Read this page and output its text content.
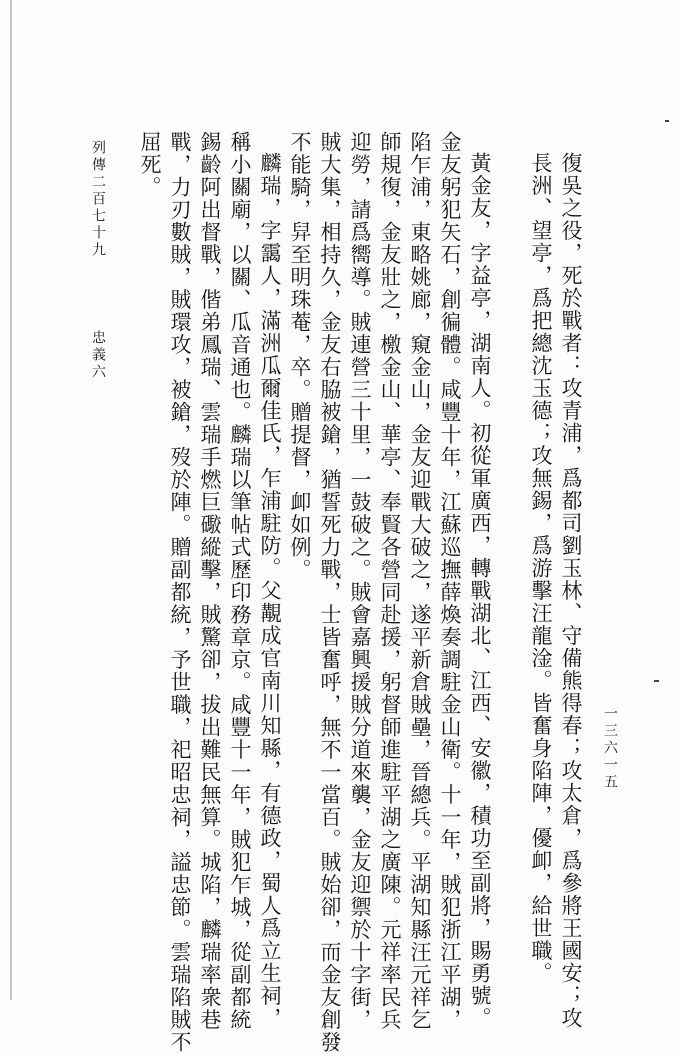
復吳之役，死於戰者：攻青浦，爲都司劉玉林、守備熊得春；攻太倉，爲參將王國安；攻
長洲、望亭，爲把總沈玉德；攻無錫，爲游擊汪龍淦。皆奮身陷陣，優卹，給世職。
黃金友，字益亭，湖南人。初從軍廣西，轉戰湖北、江西、安徽，積功至副將，賜勇號。
金友躬犯矢石，創徧體。咸豐十年，江蘇巡撫薛煥奏調駐金山衛。十一年，賊犯浙江平湖，
陷乍浦，東略姚廊，窺金山，金友迎戰大破之，遂平新倉賊壘，晉總兵。平湖知縣汪元祥乞
師規復，金友壯之，檄金山、華亭、奉賢各營同赴援，躬督師進駐平湖之廣陳。元祥率民兵
迎勞，請爲嚮導。賊連營三十里，一鼓破之。賊會嘉興援賊分道來襲，金友迎禦於十字街，
賊大集，相持久，金友右脇被鎗，猶誓死力戰，士皆奮呼，無不一當百。賊始卻，而金友創發
不能騎，舁至明珠菴，卒。贈提督，卹如例。
麟瑞，字靄人，滿洲瓜爾佳氏，乍浦駐防。父覯成官南川知縣，有德政，蜀人爲立生祠，
稱小關廟，以關、瓜音通也。麟瑞以筆帖式歷印務章京。咸豐十一年，賊犯乍城，從副都統
錫齡阿出督戰，偕弟鳳瑞、雲瑞手燃巨礮縱擊，賊驚卻，拔出難民無算。城陷，麟瑞率衆巷
戰，力刃數賊，賊環攻，被鎗，歿於陣。贈副都統，予世職，祀昭忠祠，謚忠節。雲瑞陷賊不
屈死。
列傳二百七十九
忠義六
一三六一五
